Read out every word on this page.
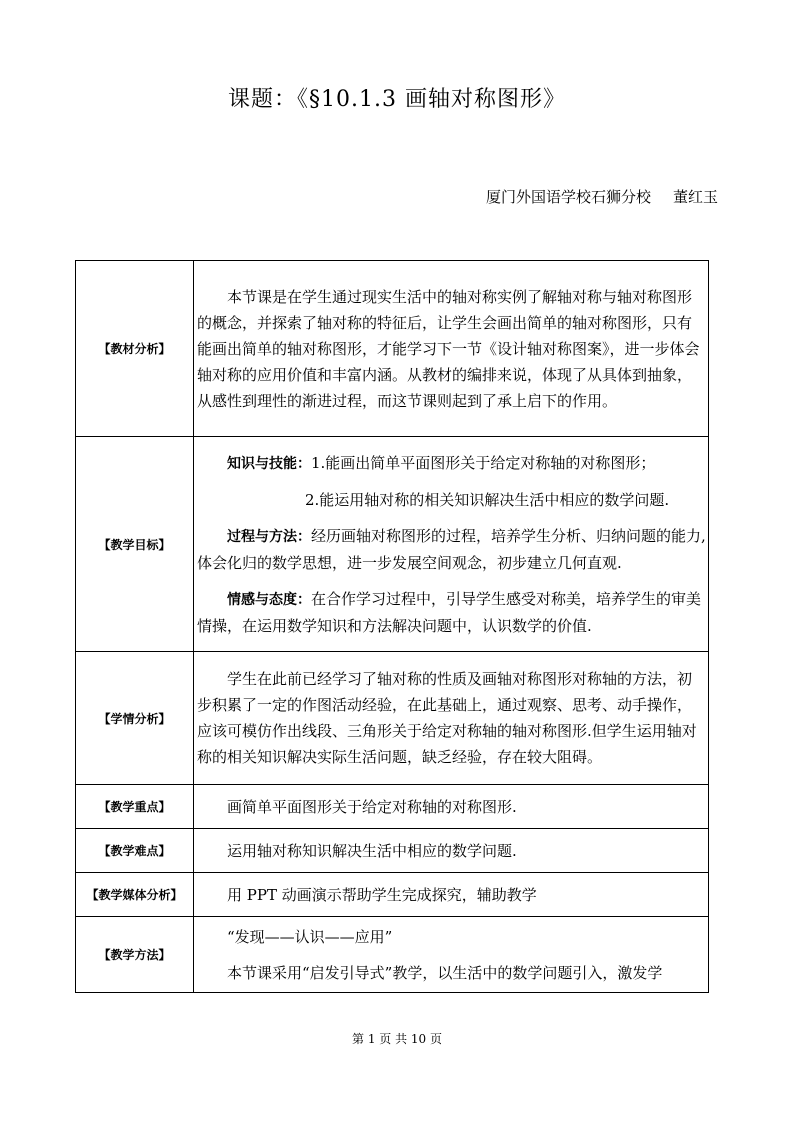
课题：《§10.1.3 画轴对称图形》
厦门外国语学校石狮分校 董红玉
【教材分析】	本节课是在学生通过现实生活中的轴对称实例了解轴对称与轴对称图形的概念，并探索了轴对称的特征后，让学生会画出简单的轴对称图形，只有能画出简单的轴对称图形，才能学习下一节《设计轴对称图案》，进一步体会轴对称的应用价值和丰富内涵。从教材的编排来说，体现了从具体到抽象，从感性到理性的渐进过程，而这节课则起到了承上启下的作用。

【教学目标】	知识与技能：1.能画出简单平面图形关于给定对称轴的对称图形；

2.能运用轴对称的相关知识解决生活中相应的数学问题.

过程与方法：经历画轴对称图形的过程，培养学生分析、归纳问题的能力,体会化归的数学思想，进一步发展空间观念，初步建立几何直观.

情感与态度：在合作学习过程中，引导学生感受对称美，培养学生的审美情操，在运用数学知识和方法解决问题中，认识数学的价值.

【学情分析】	学生在此前已经学习了轴对称的性质及画轴对称图形对称轴的方法，初步积累了一定的作图活动经验，在此基础上，通过观察、思考、动手操作，应该可模仿作出线段、三角形关于给定对称轴的轴对称图形.但学生运用轴对称的相关知识解决实际生活问题，缺乏经验，存在较大阻碍。

【教学重点】	画简单平面图形关于给定对称轴的对称图形.

【教学难点】	运用轴对称知识解决生活中相应的数学问题.

【教学媒体分析】	用 PPT 动画演示帮助学生完成探究，辅助教学

【教学方法】	“发现——认识——应用”

本节课采用“启发引导式”教学，以生活中的数学问题引入，激发学

第 1 页 共 10 页
